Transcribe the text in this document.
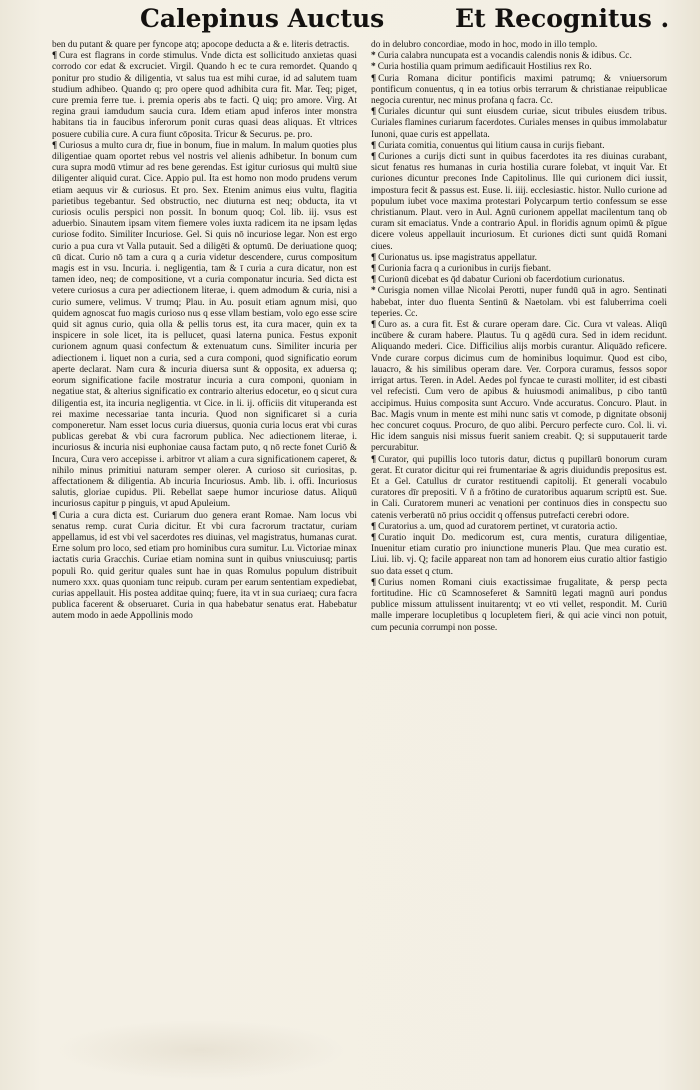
Calepinus Auctus	Et Recognitus .

ben du putant & quare per fyncope atq; apocope deducta a & e. literis detractis.

¶ Cura est flagrans in corde stimulus. Vnde dicta est sollicitudo anxietas quasi corrodo cor edat & excruciet. Virgil. Quando h ec te cura remordet. Quando q ponitur pro studio & diligentia, vt salus tua est mihi curae, id ad salutem tuam studium adhibeo. Quando q; pro opere quod adhibita cura fit. Mar. Teq; piget, cure premia ferre tue. i. premia operis abs te facti. Q uiq; pro amore. Virg. At regina graui iamdudum saucia cura. Idem etiam apud inferos inter monstra habitans tia in faucibus inferorum ponit curas quasi deas aliquas. Et vltrices posuere cubilia cure. A cura fiunt cōposita. Tricur & Securus. pe. pro.

¶ Curiosus a multo cura dr, fiue in bonum, fiue in malum. In malum quoties plus diligentiae quam oportet rebus vel nostris vel alienis adhibetur. In bonum cum cura supra modū vtimur ad res bene gerendas. Est igitur curiosus qui multū siue diligenter aliquid curat. Cice. Appio pul. Ita est homo non modo prudens verum etiam aequus vir & curiosus. Et pro. Sex. Etenim animus eius vultu, flagitia parietibus tegebantur. Sed obstructio, nec diuturna est neq; obducta, ita vt curiosis oculis perspici non possit. In bonum quoq; Col. lib. iij. vsus est aduerbio. Sinautem ipsam vitem fiemere voles iuxta radicem ita ne ipsam lędas curiose fodito. Similiter Incuriose. Gel. Si quis nō incuriose legar. Non est ergo curio a pua cura vt Valla putauit. Sed a diligēti & optumū. De deriuatione quoq; cū dicat. Curio nō tam a cura q a curia videtur descendere, curus compositum magis est in vsu. Incuria. i. negligentia, tam & ī curia a cura dicatur, non est tamen ideo, neq; de compositione, vt a curia componatur incuria. Sed dicta est vetere curiosus a cura per adiectionem literae, i. quem admodum & curia, nisi a curio sumere, velimus. V trumq; Plau. in Au. posuit etiam agnum misi, quo quidem agnoscat fuo magis curioso nus q esse vllam bestiam, volo ego esse scire quid sit agnus curio, quia olla & pellis torus est, ita cura macer, quin ex ta inspicere in sole licet, ita is pellucet, quasi laterna punica. Festus exponit curionem agnum quasi confectum & extenuatum cuns. Similiter incuria per adiectionem i. liquet non a curia, sed a cura componi, quod significatio eorum aperte declarat. Nam cura & incuria diuersa sunt & opposita, ex aduersa q; eorum significatione facile mostratur incuria a cura componi, quoniam in negatiue stat, & alterius significatio ex contrario alterius edocetur, eo q sicut cura diligentia est, ita incuria negligentia. vt Cice. in li. ij. officiis dit vituperanda est rei maxime necessariae tanta incuria. Quod non significaret si a curia componeretur. Nam esset locus curia diuersus, quonia curia locus erat vbi curas publicas gerebat & vbi cura facrorum publica. Nec adiectionem literae, i. incuriosus & incuria nisi euphoniae causa factam puto, q nō recte fonet Curiō & Incura, Cura vero accepisse i. arbitror vt aliam a cura significationem caperet, & nihilo minus primitiui naturam semper olerer. A curioso sit curiositas, p. affectationem & diligentia. Ab incuria Incuriosus. Amb. lib. i. offi. Incuriosus salutis, gloriae cupidus. Pli. Rebellat saepe humor incuriose datus. Aliquū incuriosus capitur p pinguis, vt apud Apuleium.

¶ Curia a cura dicta est. Curiarum duo genera erant Romae. Nam locus vbi senatus remp. curat Curia dicitur. Et vbi cura facrorum tractatur, curiam appellamus, id est vbi vel sacerdotes res diuinas, vel magistratus, humanas curat. Erne solum pro loco, sed etiam pro hominibus cura sumitur. Lu. Victoriae minax iactatis curia Gracchis. Curiae etiam nomina sunt in quibus vniuscuiusq; partis populi Ro. quid geritur quales sunt hae in quas Romulus populum distribuit numero xxx. quas quoniam tunc reipub. curam per earum sententiam expediebat, curias appellauit. His postea additae quinq; fuere, ita vt in sua curiaeq; cura facra publica facerent & obseruaret. Curia in qua habebatur senatus erat. Habebatur autem modo in aede Appollinis modo

do in delubro concordiae, modo in hoc, modo in illo templo.

* Curia calabra nuncupata est a vocandis calendis nonis & idibus. Cc.

* Curia hostilia quam primum aedificauit Hostilius rex Ro.

¶ Curia Romana dicitur pontificis maximi patrumq; & vniuersorum pontificum conuentus, q in ea totius orbis terrarum & christianae reipublicae negocia curentur, nec minus profana q facra. Cc.

¶ Curiales dicuntur qui sunt eiusdem curiae, sicut tribules eiusdem tribus. Curiales flamines curiarum facerdotes. Curiales menses in quibus immolabatur Iunoni, quae curis est appellata.

¶ Curiata comitia, conuentus qui litium causa in curijs fiebant.

¶ Curiones a curijs dicti sunt in quibus facerdotes ita res diuinas curabant, sicut fenatus res humanas in curia hostilia curare folebat, vt inquit Var. Et curiones dicuntur precones Inde Capitolinus. Ille qui curionem dici iussit, impostura fecit & passus est. Euse. li. iiij. ecclesiastic. histor. Nullo curione ad populum iubet voce maxima protestari Polycarpum tertio confessum se esse christianum. Plaut. vero in Aul. Agnū curionem appellat macilentum tanq ob curam sit emaciatus. Vnde a contrario Apul. in floridis agnum opimū & pīgue dicere voleus appellauit incuriosum. Et curiones dicti sunt quidā Romani ciues.

¶ Curionatus us. ipse magistratus appellatur.

¶ Curionia facra q a curionibus in curijs fiebant.

¶ Curionū dicebat es q̄d dabatur Curioni ob facerdotium curionatus.

* Curisgia nomen villae Nicolai Perotti, nuper fundū quā in agro. Sentinati habebat, inter duo fluenta Sentinū & Naetolam. vbi est faluberrima coeli teperies. Cc.

¶ Curo as. a cura fit. Est & curare operam dare. Cic. Cura vt valeas. Aliqū incūbere & curam habere. Plautus. Tu q agēdū cura. Sed in idem recidunt. Aliquando mederi. Cice. Difficilius alijs morbis curantur. Aliquādo reficere. Vnde curare corpus dicimus cum de hominibus loquimur. Quod est cibo, lauacro, & his similibus operam dare. Ver. Corpora curamus, fessos sopor irrigat artus. Teren. in Adel. Aedes pol fyncae te curasti molliter, id est cibasti vel refecisti. Cum vero de apibus & huiusmodi animalibus, p cibo tantū accipimus. Huius composita sunt Accuro. Vnde accuratus. Concuro. Plaut. in Bac. Magis vnum in mente est mihi nunc satis vt comode, p dignitate obsonij hec concuret coquus. Procuro, de quo alibi. Percuro perfecte curo. Col. li. vi. Hic idem sanguis nisi missus fuerit saniem creabit. Q; si supputauerit tarde percurabitur.

¶ Curator, qui pupillis loco tutoris datur, dictus q pupillarū bonorum curam gerat. Et curator dicitur qui rei frumentariae & agris diuidundis prepositus est. Et a Gel. Catullus dr curator restituendi capitolij. Et generali vocabulo curatores dīr prepositi. V ñ a frōtino de curatoribus aquarum scriptū est. Sue. in Cali. Curatorem muneri ac venationi per continuos dies in conspectu suo catenis verberatū nō prius occidit q offensus putrefacti cerebri odore.

¶ Curatorius a. um, quod ad curatorem pertinet, vt curatoria actio.

¶ Curatio inquit Do. medicorum est, cura mentis, curatura diligentiae, Inuenitur etiam curatio pro iniunctione muneris Plau. Que mea curatio est. Liui. lib. vj. Q; facile appareat non tam ad honorem eius curatio altior fastigio suo data esset q ctum.

¶ Curius nomen Romani ciuis exactissimae frugalitate, & persp pecta fortitudine. Hic cū Scamnoseferet & Samnitū legati magnū auri pondus publice missum attulissent inuitarentq; vt eo vti vellet, respondit. M. Curiū malle imperare locupletibus q locupletem fieri, & qui acie vinci non potuit, cum pecunia corrumpi non posse.
